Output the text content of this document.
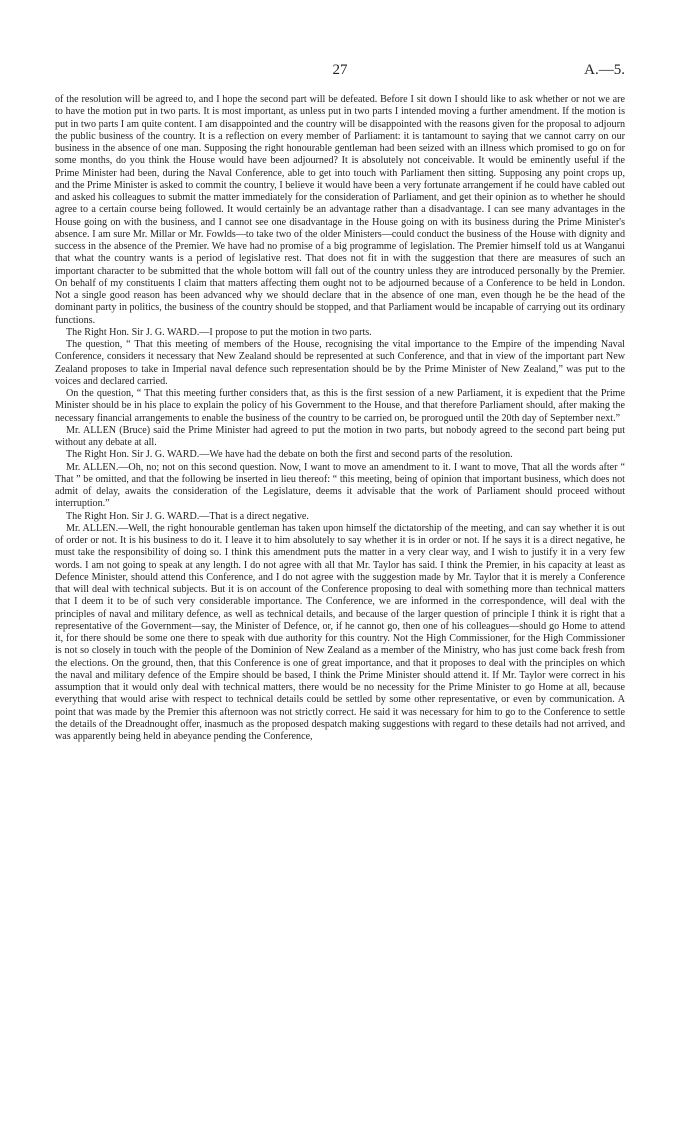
27	A.—5.

of the resolution will be agreed to, and I hope the second part will be defeated. Before I sit down I should like to ask whether or not we are to have the motion put in two parts. It is most important, as unless put in two parts I intended moving a further amendment. If the motion is put in two parts I am quite content. I am disappointed and the country will be disappointed with the reasons given for the proposal to adjourn the public business of the country. It is a reflection on every member of Parliament: it is tantamount to saying that we cannot carry on our business in the absence of one man. Supposing the right honourable gentleman had been seized with an illness which promised to go on for some months, do you think the House would have been adjourned? It is absolutely not conceivable. It would be eminently useful if the Prime Minister had been, during the Naval Conference, able to get into touch with Parliament then sitting. Supposing any point crops up, and the Prime Minister is asked to commit the country, I believe it would have been a very fortunate arrangement if he could have cabled out and asked his colleagues to submit the matter immediately for the consideration of Parliament, and get their opinion as to whether he should agree to a certain course being followed. It would certainly be an advantage rather than a disadvantage. I can see many advantages in the House going on with the business, and I cannot see one disadvantage in the House going on with its business during the Prime Minister's absence. I am sure Mr. Millar or Mr. Fowlds—to take two of the older Ministers—could conduct the business of the House with dignity and success in the absence of the Premier. We have had no promise of a big programme of legislation. The Premier himself told us at Wanganui that what the country wants is a period of legislative rest. That does not fit in with the suggestion that there are measures of such an important character to be submitted that the whole bottom will fall out of the country unless they are introduced personally by the Premier. On behalf of my constituents I claim that matters affecting them ought not to be adjourned because of a Conference to be held in London. Not a single good reason has been advanced why we should declare that in the absence of one man, even though he be the head of the dominant party in politics, the business of the country should be stopped, and that Parliament would be incapable of carrying out its ordinary functions.

The Right Hon. Sir J. G. WARD.—I propose to put the motion in two parts.

The question, “ That this meeting of members of the House, recognising the vital importance to the Empire of the impending Naval Conference, considers it necessary that New Zealand should be represented at such Conference, and that in view of the important part New Zealand proposes to take in Imperial naval defence such representation should be by the Prime Minister of New Zealand,” was put to the voices and declared carried.

On the question, “ That this meeting further considers that, as this is the first session of a new Parliament, it is expedient that the Prime Minister should be in his place to explain the policy of his Government to the House, and that therefore Parliament should, after making the necessary financial arrangements to enable the business of the country to be carried on, be prorogued until the 20th day of September next.”

Mr. ALLEN (Bruce) said the Prime Minister had agreed to put the motion in two parts, but nobody agreed to the second part being put without any debate at all.

The Right Hon. Sir J. G. WARD.—We have had the debate on both the first and second parts of the resolution.

Mr. ALLEN.—Oh, no; not on this second question. Now, I want to move an amendment to it. I want to move, That all the words after “ That ” be omitted, and that the following be inserted in lieu thereof: “ this meeting, being of opinion that important business, which does not admit of delay, awaits the consideration of the Legislature, deems it advisable that the work of Parliament should proceed without interruption.”

The Right Hon. Sir J. G. WARD.—That is a direct negative.

Mr. ALLEN.—Well, the right honourable gentleman has taken upon himself the dictatorship of the meeting, and can say whether it is out of order or not. It is his business to do it. I leave it to him absolutely to say whether it is in order or not. If he says it is a direct negative, he must take the responsibility of doing so. I think this amendment puts the matter in a very clear way, and I wish to justify it in a very few words. I am not going to speak at any length. I do not agree with all that Mr. Taylor has said. I think the Premier, in his capacity at least as Defence Minister, should attend this Conference, and I do not agree with the suggestion made by Mr. Taylor that it is merely a Conference that will deal with technical subjects. But it is on account of the Conference proposing to deal with something more than technical matters that I deem it to be of such very considerable importance. The Conference, we are informed in the correspondence, will deal with the principles of naval and military defence, as well as technical details, and because of the larger question of principle I think it is right that a representative of the Government—say, the Minister of Defence, or, if he cannot go, then one of his colleagues—should go Home to attend it, for there should be some one there to speak with due authority for this country. Not the High Commissioner, for the High Commissioner is not so closely in touch with the people of the Dominion of New Zealand as a member of the Ministry, who has just come back fresh from the elections. On the ground, then, that this Conference is one of great importance, and that it proposes to deal with the principles on which the naval and military defence of the Empire should be based, I think the Prime Minister should attend it. If Mr. Taylor were correct in his assumption that it would only deal with technical matters, there would be no necessity for the Prime Minister to go Home at all, because everything that would arise with respect to technical details could be settled by some other representative, or even by communication. A point that was made by the Premier this afternoon was not strictly correct. He said it was necessary for him to go to the Conference to settle the details of the Dreadnought offer, inasmuch as the proposed despatch making suggestions with regard to these details had not arrived, and was apparently being held in abeyance pending the Conference,
